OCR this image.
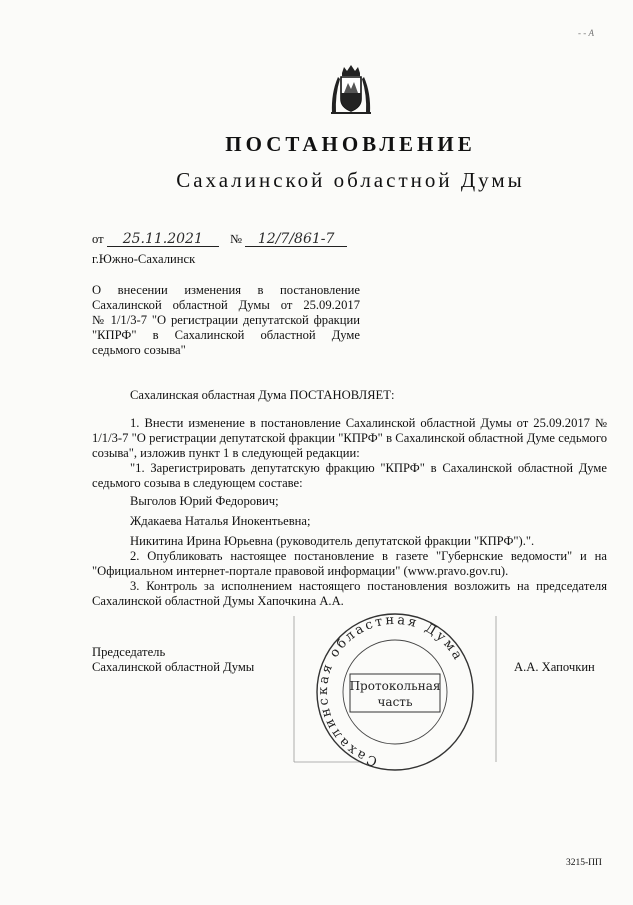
- - А
ПОСТАНОВЛЕНИЕ
Сахалинской областной Думы
от 25.11.2021 № 12/7/861-7
г.Южно-Сахалинск
О внесении изменения в постановление
Сахалинской областной Думы от 25.09.2017
№ 1/1/3-7 "О регистрации депутатской фракции
"КПРФ" в Сахалинской областной Думе
седьмого созыва"
Сахалинская областная Дума ПОСТАНОВЛЯЕТ:

1. Внести изменение в постановление Сахалинской областной Думы от 25.09.2017 № 1/1/3-7 "О регистрации депутатской фракции "КПРФ" в Сахалинской областной Думе седьмого созыва", изложив пункт 1 в следующей редакции:

"1. Зарегистрировать депутатскую фракцию "КПРФ" в Сахалинской областной Думе седьмого созыва в следующем составе:

Выголов Юрий Федорович;

Ждакаева Наталья Инокентьевна;

Никитина Ирина Юрьевна (руководитель депутатской фракции "КПРФ").".

2. Опубликовать настоящее постановление в газете "Губернские ведомости" и на "Официальном интернет-портале правовой информации" (www.pravo.gov.ru).

3. Контроль за исполнением настоящего постановления возложить на председателя Сахалинской областной Думы Хапочкина А.А.

Председатель
Сахалинской областной Думы	А.А. Хапочкин
Сахалинская областная Дума
Протокольная
часть
3215-ПП
